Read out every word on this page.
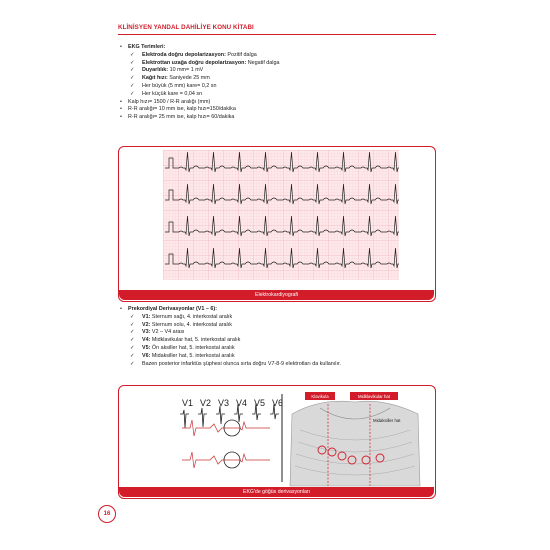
KLİNİSYEN YANDAL DAHİLİYE KONU KİTABI
• EKG Terimleri:
✓ Elektroda doğru depolarizasyon: Pozitif dalga
✓ Elektrottan uzağa doğru depolarizasyon: Negatif dalga
✓ Duyarlılık: 10 mm= 1 mV
✓ Kağıt hızı: Saniyede 25 mm
✓ Her büyük (5 mm) kare= 0,2 sn
✓ Her küçük kare = 0,04 sn
• Kalp hızı= 1500 / R-R aralığı (mm)
• R-R aralığı= 10 mm ise, kalp hızı=150/dakika
• R-R aralığı= 25 mm ise, kalp hızı= 60/dakika
Elektrokardiyografi
• Prekordiyal Derivasyonlar (V1 – 6):
✓ V1: Sternum sağı, 4. interkostal aralık
✓ V2: Sternum solu, 4. interkostal aralık
✓ V3: V2 – V4 arası
✓ V4: Midklavikular hat, 5. interkostal aralık
✓ V5: Ön aksiller hat, 5. interkostal aralık
✓ V6: Midaksiller hat, 5. interkostal aralık
✓ Bazen posterior infarktüs şüphesi olunca sırta doğru V7-8-9 elektrotları da kullanılır.
V1 V2 V3 V4 V5 V6
Klavikula	Midklavikular hat
Midaksiller hat
EKG'de göğüs derivasyonları
16
